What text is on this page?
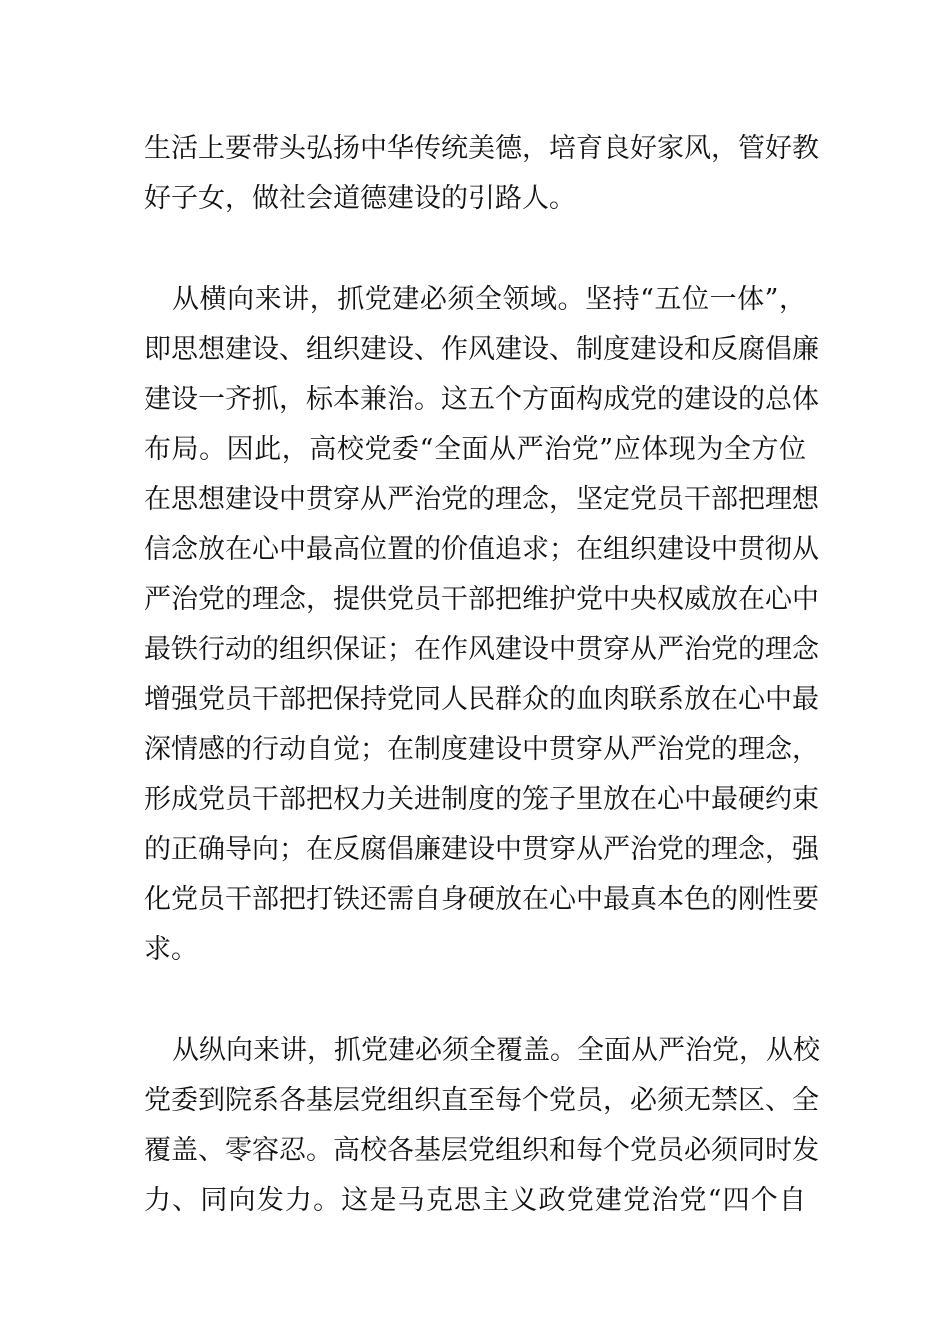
生活上要带头弘扬中华传统美德，培育良好家风，管好教
好子女，做社会道德建设的引路人。
从横向来讲，抓党建必须全领域。坚持“五位一体”，
即思想建设、组织建设、作风建设、制度建设和反腐倡廉
建设一齐抓，标本兼治。这五个方面构成党的建设的总体
布局。因此，高校党委“全面从严治党”应体现为全方位
在思想建设中贯穿从严治党的理念，坚定党员干部把理想
信念放在心中最高位置的价值追求；在组织建设中贯彻从
严治党的理念，提供党员干部把维护党中央权威放在心中
最铁行动的组织保证；在作风建设中贯穿从严治党的理念
增强党员干部把保持党同人民群众的血肉联系放在心中最
深情感的行动自觉；在制度建设中贯穿从严治党的理念，
形成党员干部把权力关进制度的笼子里放在心中最硬约束
的正确导向；在反腐倡廉建设中贯穿从严治党的理念，强
化党员干部把打铁还需自身硬放在心中最真本色的刚性要
求。
从纵向来讲，抓党建必须全覆盖。全面从严治党，从校
党委到院系各基层党组织直至每个党员，必须无禁区、全
覆盖、零容忍。高校各基层党组织和每个党员必须同时发
力、同向发力。这是马克思主义政党建党治党“四个自
